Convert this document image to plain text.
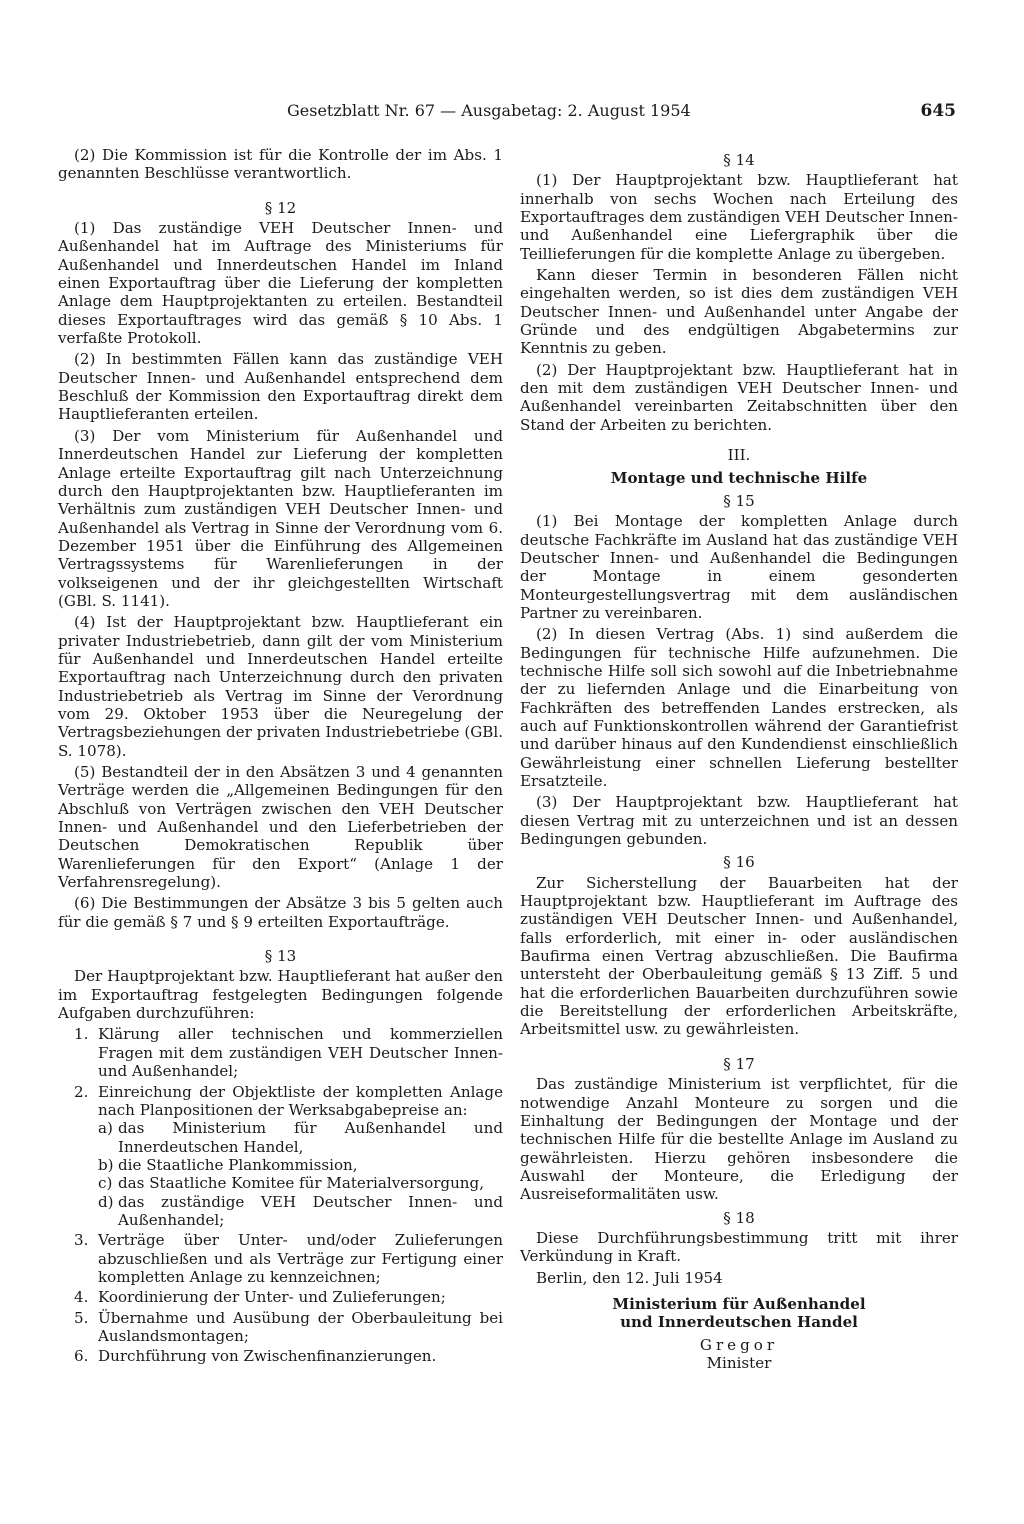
Gesetzblatt Nr. 67 — Ausgabetag: 2. August 1954	645

(2) Die Kommission ist für die Kontrolle der im Abs. 1 genannten Beschlüsse verantwortlich.

§ 12

(1) Das zuständige VEH Deutscher Innen- und Außenhandel hat im Auftrage des Ministeriums für Außenhandel und Innerdeutschen Handel im Inland einen Exportauftrag über die Lieferung der kompletten Anlage dem Hauptprojektanten zu erteilen. Bestandteil dieses Exportauftrages wird das gemäß § 10 Abs. 1 verfaßte Protokoll.

(2) In bestimmten Fällen kann das zuständige VEH Deutscher Innen- und Außenhandel entsprechend dem Beschluß der Kommission den Exportauftrag direkt dem Hauptlieferanten erteilen.

(3) Der vom Ministerium für Außenhandel und Innerdeutschen Handel zur Lieferung der kompletten Anlage erteilte Exportauftrag gilt nach Unterzeichnung durch den Hauptprojektanten bzw. Hauptlieferanten im Verhältnis zum zuständigen VEH Deutscher Innen- und Außenhandel als Vertrag in Sinne der Verordnung vom 6. Dezember 1951 über die Einführung des Allgemeinen Vertragssystems für Warenlieferungen in der volkseigenen und der ihr gleichgestellten Wirtschaft (GBl. S. 1141).

(4) Ist der Hauptprojektant bzw. Hauptlieferant ein privater Industriebetrieb, dann gilt der vom Ministerium für Außenhandel und Innerdeutschen Handel erteilte Exportauftrag nach Unterzeichnung durch den privaten Industriebetrieb als Vertrag im Sinne der Verordnung vom 29. Oktober 1953 über die Neuregelung der Vertragsbeziehungen der privaten Industriebetriebe (GBl. S. 1078).

(5) Bestandteil der in den Absätzen 3 und 4 genannten Verträge werden die „Allgemeinen Bedingungen für den Abschluß von Verträgen zwischen den VEH Deutscher Innen- und Außenhandel und den Lieferbetrieben der Deutschen Demokratischen Republik über Warenlieferungen für den Export“ (Anlage 1 der Verfahrensregelung).

(6) Die Bestimmungen der Absätze 3 bis 5 gelten auch für die gemäß § 7 und § 9 erteilten Exportaufträge.

§ 13

Der Hauptprojektant bzw. Hauptlieferant hat außer den im Exportauftrag festgelegten Bedingungen folgende Aufgaben durchzuführen:

1. Klärung aller technischen und kommerziellen Fragen mit dem zuständigen VEH Deutscher Innen- und Außenhandel;
2. Einreichung der Objektliste der kompletten Anlage nach Planpositionen der Werksabgabepreise an:
a) das Ministerium für Außenhandel und Innerdeutschen Handel,
b) die Staatliche Plankommission,
c) das Staatliche Komitee für Materialversorgung,
d) das zuständige VEH Deutscher Innen- und Außenhandel;
3. Verträge über Unter- und/oder Zulieferungen abzuschließen und als Verträge zur Fertigung einer kompletten Anlage zu kennzeichnen;
4. Koordinierung der Unter- und Zulieferungen;
5. Übernahme und Ausübung der Oberbauleitung bei Auslandsmontagen;
6. Durchführung von Zwischenfinanzierungen.
§ 14

(1) Der Hauptprojektant bzw. Hauptlieferant hat innerhalb von sechs Wochen nach Erteilung des Exportauftrages dem zuständigen VEH Deutscher Innen- und Außenhandel eine Liefergraphik über die Teillieferungen für die komplette Anlage zu übergeben.

Kann dieser Termin in besonderen Fällen nicht eingehalten werden, so ist dies dem zuständigen VEH Deutscher Innen- und Außenhandel unter Angabe der Gründe und des endgültigen Abgabetermins zur Kenntnis zu geben.

(2) Der Hauptprojektant bzw. Hauptlieferant hat in den mit dem zuständigen VEH Deutscher Innen- und Außenhandel vereinbarten Zeitabschnitten über den Stand der Arbeiten zu berichten.

III.
Montage und technische Hilfe
§ 15

(1) Bei Montage der kompletten Anlage durch deutsche Fachkräfte im Ausland hat das zuständige VEH Deutscher Innen- und Außenhandel die Bedingungen der Montage in einem gesonderten Monteurgestellungsvertrag mit dem ausländischen Partner zu vereinbaren.

(2) In diesen Vertrag (Abs. 1) sind außerdem die Bedingungen für technische Hilfe aufzunehmen. Die technische Hilfe soll sich sowohl auf die Inbetriebnahme der zu liefernden Anlage und die Einarbeitung von Fachkräften des betreffenden Landes erstrecken, als auch auf Funktionskontrollen während der Garantiefrist und darüber hinaus auf den Kundendienst einschließlich Gewährleistung einer schnellen Lieferung bestellter Ersatzteile.

(3) Der Hauptprojektant bzw. Hauptlieferant hat diesen Vertrag mit zu unterzeichnen und ist an dessen Bedingungen gebunden.

§ 16

Zur Sicherstellung der Bauarbeiten hat der Hauptprojektant bzw. Hauptlieferant im Auftrage des zuständigen VEH Deutscher Innen- und Außenhandel, falls erforderlich, mit einer in- oder ausländischen Baufirma einen Vertrag abzuschließen. Die Baufirma untersteht der Oberbauleitung gemäß § 13 Ziff. 5 und hat die erforderlichen Bauarbeiten durchzuführen sowie die Bereitstellung der erforderlichen Arbeitskräfte, Arbeitsmittel usw. zu gewährleisten.

§ 17

Das zuständige Ministerium ist verpflichtet, für die notwendige Anzahl Monteure zu sorgen und die Einhaltung der Bedingungen der Montage und der technischen Hilfe für die bestellte Anlage im Ausland zu gewährleisten. Hierzu gehören insbesondere die Auswahl der Monteure, die Erledigung der Ausreiseformalitäten usw.

§ 18

Diese Durchführungsbestimmung tritt mit ihrer Verkündung in Kraft.

Berlin, den 12. Juli 1954

Ministerium für Außenhandel
und Innerdeutschen Handel
Gregor
Minister
